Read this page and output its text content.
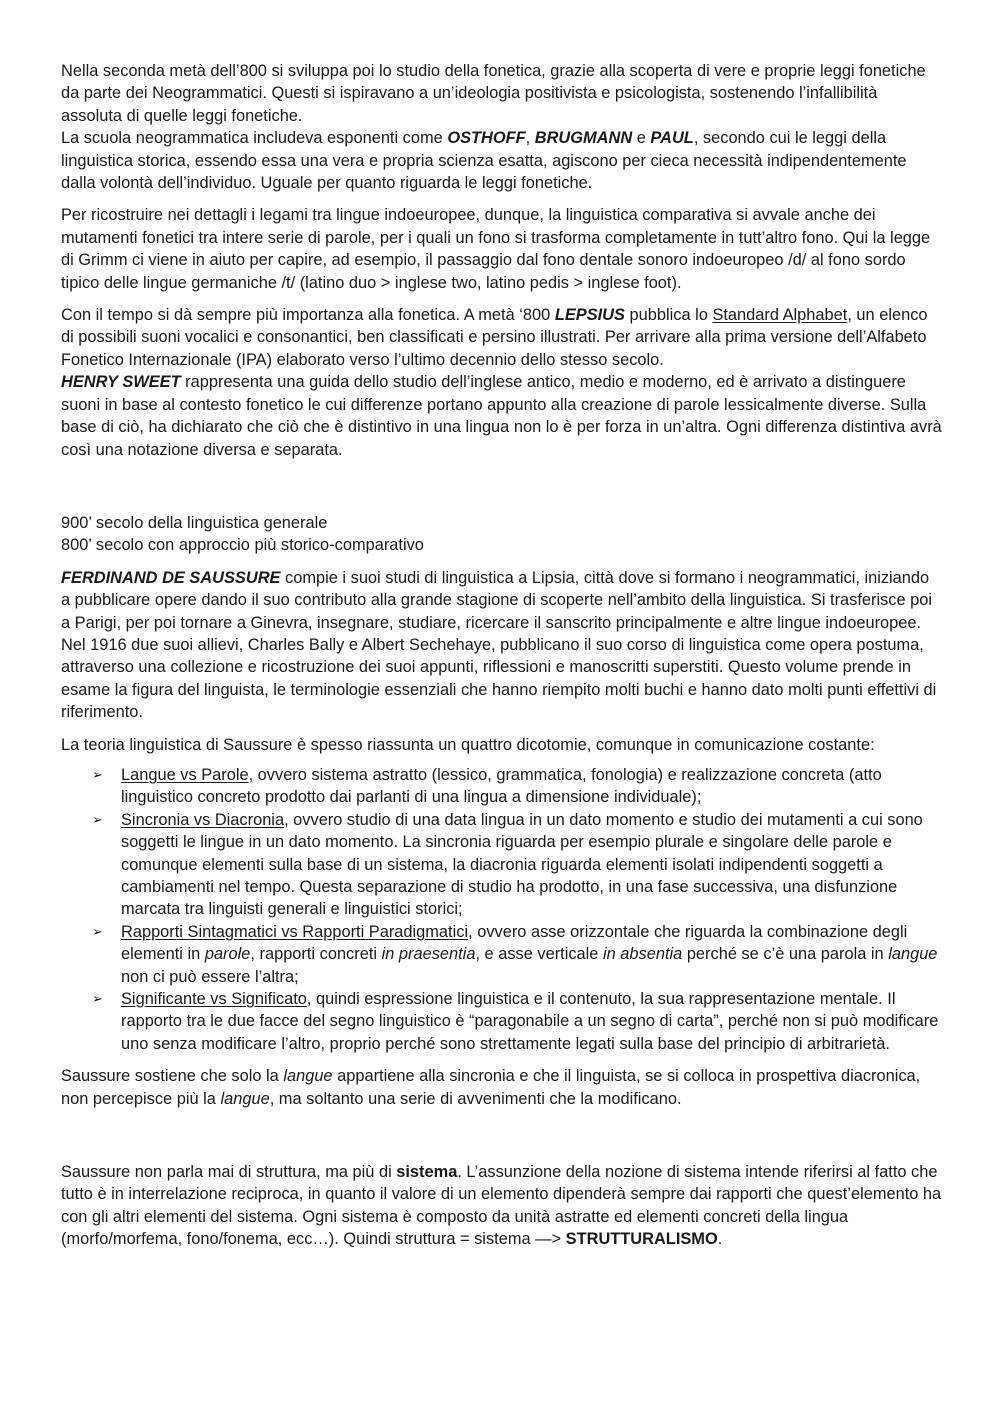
Nella seconda metà dell’800 si sviluppa poi lo studio della fonetica, grazie alla scoperta di vere e proprie leggi fonetiche da parte dei Neogrammatici. Questi si ispiravano a un’ideologia positivista e psicologista, sostenendo l’infallibilità assoluta di quelle leggi fonetiche.
La scuola neogrammatica includeva esponenti come OSTHOFF, BRUGMANN e PAUL, secondo cui le leggi della linguistica storica, essendo essa una vera e propria scienza esatta, agiscono per cieca necessità indipendentemente dalla volontà dell’individuo. Uguale per quanto riguarda le leggi fonetiche.

Per ricostruire nei dettagli i legami tra lingue indoeuropee, dunque, la linguistica comparativa si avvale anche dei mutamenti fonetici tra intere serie di parole, per i quali un fono si trasforma completamente in tutt’altro fono. Qui la legge di Grimm ci viene in aiuto per capire, ad esempio, il passaggio dal fono dentale sonoro indoeuropeo /d/ al fono sordo tipico delle lingue germaniche /t/ (latino duo > inglese two, latino pedis > inglese foot).

Con il tempo si dà sempre più importanza alla fonetica. A metà ‘800 LEPSIUS pubblica lo Standard Alphabet, un elenco di possibili suoni vocalici e consonantici, ben classificati e persino illustrati. Per arrivare alla prima versione dell’Alfabeto Fonetico Internazionale (IPA) elaborato verso l’ultimo decennio dello stesso secolo.
HENRY SWEET rappresenta una guida dello studio dell’inglese antico, medio e moderno, ed è arrivato a distinguere suoni in base al contesto fonetico le cui differenze portano appunto alla creazione di parole lessicalmente diverse. Sulla base di ciò, ha dichiarato che ciò che è distintivo in una lingua non lo è per forza in un’altra. Ogni differenza distintiva avrà così una notazione diversa e separata.

900’ secolo della linguistica generale
800’ secolo con approccio più storico-comparativo

FERDINAND DE SAUSSURE compie i suoi studi di linguistica a Lipsia, città dove si formano i neogrammatici, iniziando a pubblicare opere dando il suo contributo alla grande stagione di scoperte nell’ambito della linguistica. Si trasferisce poi a Parigi, per poi tornare a Ginevra, insegnare, studiare, ricercare il sanscrito principalmente e altre lingue indoeuropee.
Nel 1916 due suoi allievi, Charles Bally e Albert Sechehaye, pubblicano il suo corso di linguistica come opera postuma, attraverso una collezione e ricostruzione dei suoi appunti, riflessioni e manoscritti superstiti. Questo volume prende in esame la figura del linguista, le terminologie essenziali che hanno riempito molti buchi e hanno dato molti punti effettivi di riferimento.

La teoria linguistica di Saussure è spesso riassunta un quattro dicotomie, comunque in comunicazione costante:

➢ Langue vs Parole, ovvero sistema astratto (lessico, grammatica, fonologia) e realizzazione concreta (atto linguistico concreto prodotto dai parlanti di una lingua a dimensione individuale);
➢ Sincronia vs Diacronia, ovvero studio di una data lingua in un dato momento e studio dei mutamenti a cui sono soggetti le lingue in un dato momento. La sincronia riguarda per esempio plurale e singolare delle parole e comunque elementi sulla base di un sistema, la diacronia riguarda elementi isolati indipendenti soggetti a cambiamenti nel tempo. Questa separazione di studio ha prodotto, in una fase successiva, una disfunzione marcata tra linguisti generali e linguistici storici;
➢ Rapporti Sintagmatici vs Rapporti Paradigmatici, ovvero asse orizzontale che riguarda la combinazione degli elementi in parole, rapporti concreti in praesentia, e asse verticale in absentia perché se c’è una parola in langue non ci può essere l’altra;
➢ Significante vs Significato, quindi espressione linguistica e il contenuto, la sua rappresentazione mentale. Il rapporto tra le due facce del segno linguistico è “paragonabile a un segno di carta”, perché non si può modificare uno senza modificare l’altro, proprio perché sono strettamente legati sulla base del principio di arbitrarietà.

Saussure sostiene che solo la langue appartiene alla sincronia e che il linguista, se si colloca in prospettiva diacronica, non percepisce più la langue, ma soltanto una serie di avvenimenti che la modificano.

Saussure non parla mai di struttura, ma più di sistema. L’assunzione della nozione di sistema intende riferirsi al fatto che tutto è in interrelazione reciproca, in quanto il valore di un elemento dipenderà sempre dai rapporti che quest’elemento ha con gli altri elementi del sistema. Ogni sistema è composto da unità astratte ed elementi concreti della lingua (morfo/morfema, fono/fonema, ecc…). Quindi struttura = sistema —> STRUTTURALISMO.
